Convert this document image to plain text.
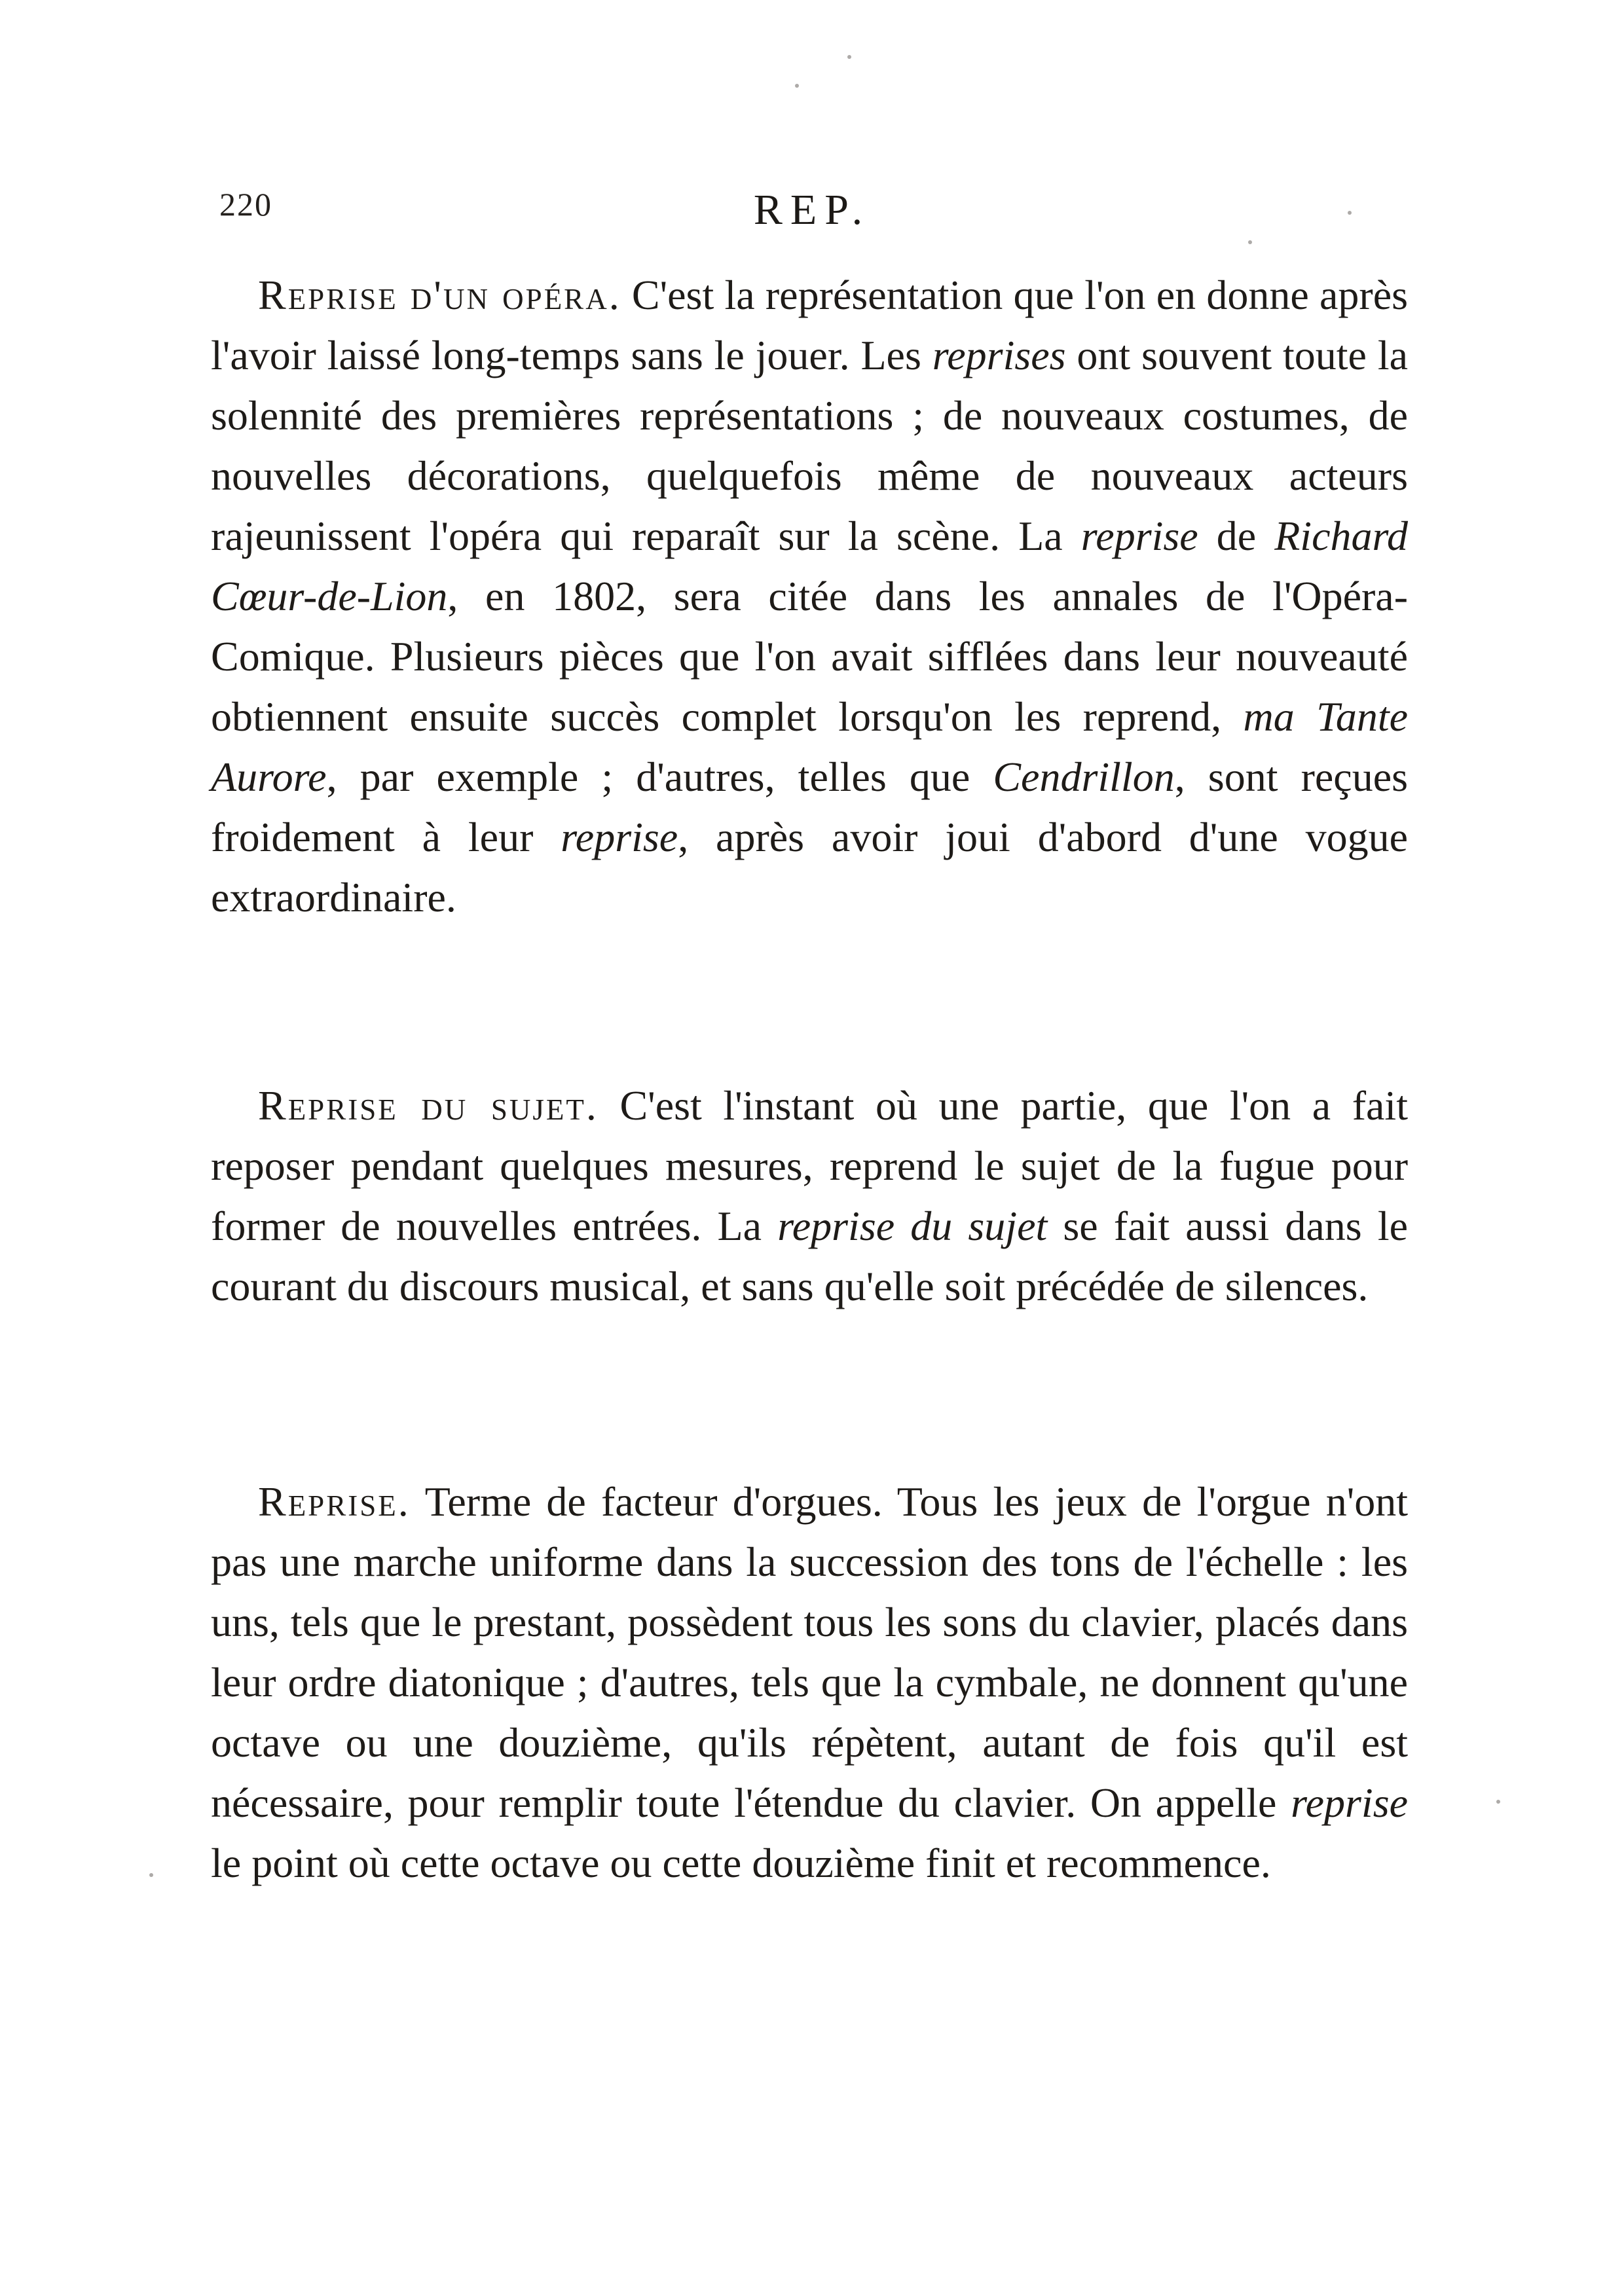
220	REP.

Reprise d'un opéra. C'est la représentation que l'on en donne après l'avoir laissé long-temps sans le jouer. Les reprises ont souvent toute la solennité des premières représentations ; de nouveaux costumes, de nouvelles décorations, quelquefois même de nouveaux acteurs rajeunissent l'opéra qui reparaît sur la scène. La reprise de Richard Cœur-de-Lion, en 1802, sera citée dans les annales de l'Opéra-Comique. Plusieurs pièces que l'on avait sifflées dans leur nouveauté obtiennent ensuite succès complet lorsqu'on les reprend, ma Tante Aurore, par exemple ; d'autres, telles que Cendrillon, sont reçues froidement à leur reprise, après avoir joui d'abord d'une vogue extraordinaire.

Reprise du sujet. C'est l'instant où une partie, que l'on a fait reposer pendant quelques mesures, reprend le sujet de la fugue pour former de nouvelles entrées. La reprise du sujet se fait aussi dans le courant du discours musical, et sans qu'elle soit précédée de silences.

Reprise. Terme de facteur d'orgues. Tous les jeux de l'orgue n'ont pas une marche uniforme dans la succession des tons de l'échelle : les uns, tels que le prestant, possèdent tous les sons du clavier, placés dans leur ordre diatonique ; d'autres, tels que la cymbale, ne donnent qu'une octave ou une douzième, qu'ils répètent, autant de fois qu'il est nécessaire, pour remplir toute l'étendue du clavier. On appelle reprise le point où cette octave ou cette douzième finit et recommence.
